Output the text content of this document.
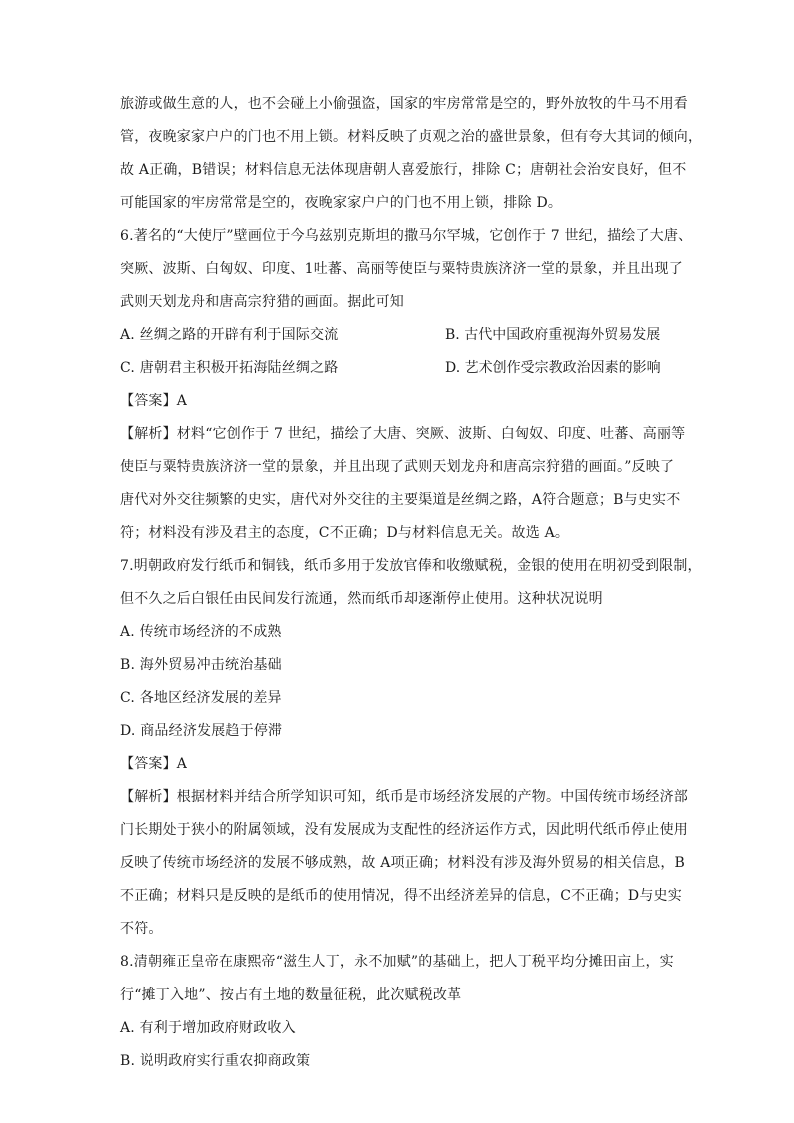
旅游或做生意的人，也不会碰上小偷强盗，国家的牢房常常是空的，野外放牧的牛马不用看
管，夜晚家家户户的门也不用上锁。材料反映了贞观之治的盛世景象，但有夸大其词的倾向，
故 A正确，B错误；材料信息无法体现唐朝人喜爱旅行，排除 C；唐朝社会治安良好，但不
可能国家的牢房常常是空的，夜晚家家户户的门也不用上锁，排除 D。
6.著名的“大使厅”壁画位于今乌兹别克斯坦的撒马尔罕城，它创作于 7 世纪，描绘了大唐、
突厥、波斯、白匈奴、印度、1吐蕃、高丽等使臣与粟特贵族济济一堂的景象，并且出现了
武则天划龙舟和唐高宗狩猎的画面。据此可知
A. 丝绸之路的开辟有利于国际交流	B. 古代中国政府重视海外贸易发展
C. 唐朝君主积极开拓海陆丝绸之路	D. 艺术创作受宗教政治因素的影响
【答案】A
【解析】材料“它创作于 7 世纪，描绘了大唐、突厥、波斯、白匈奴、印度、吐蕃、高丽等
使臣与粟特贵族济济一堂的景象，并且出现了武则天划龙舟和唐高宗狩猎的画面。”反映了
唐代对外交往频繁的史实，唐代对外交往的主要渠道是丝绸之路，A符合题意；B与史实不
符；材料没有涉及君主的态度，C不正确；D与材料信息无关。故选 A。
7.明朝政府发行纸币和铜钱，纸币多用于发放官俸和收缴赋税，金银的使用在明初受到限制，
但不久之后白银任由民间发行流通，然而纸币却逐渐停止使用。这种状况说明
A. 传统市场经济的不成熟
B. 海外贸易冲击统治基础
C. 各地区经济发展的差异
D. 商品经济发展趋于停滞
【答案】A
【解析】根据材料并结合所学知识可知，纸币是市场经济发展的产物。中国传统市场经济部
门长期处于狭小的附属领域，没有发展成为支配性的经济运作方式，因此明代纸币停止使用
反映了传统市场经济的发展不够成熟，故 A项正确；材料没有涉及海外贸易的相关信息，B
不正确；材料只是反映的是纸币的使用情况，得不出经济差异的信息，C不正确；D与史实
不符。
8.清朝雍正皇帝在康熙帝“滋生人丁，永不加赋”的基础上，把人丁税平均分摊田亩上，实
行“摊丁入地”、按占有土地的数量征税，此次赋税改革
A. 有利于增加政府财政收入
B. 说明政府实行重农抑商政策
